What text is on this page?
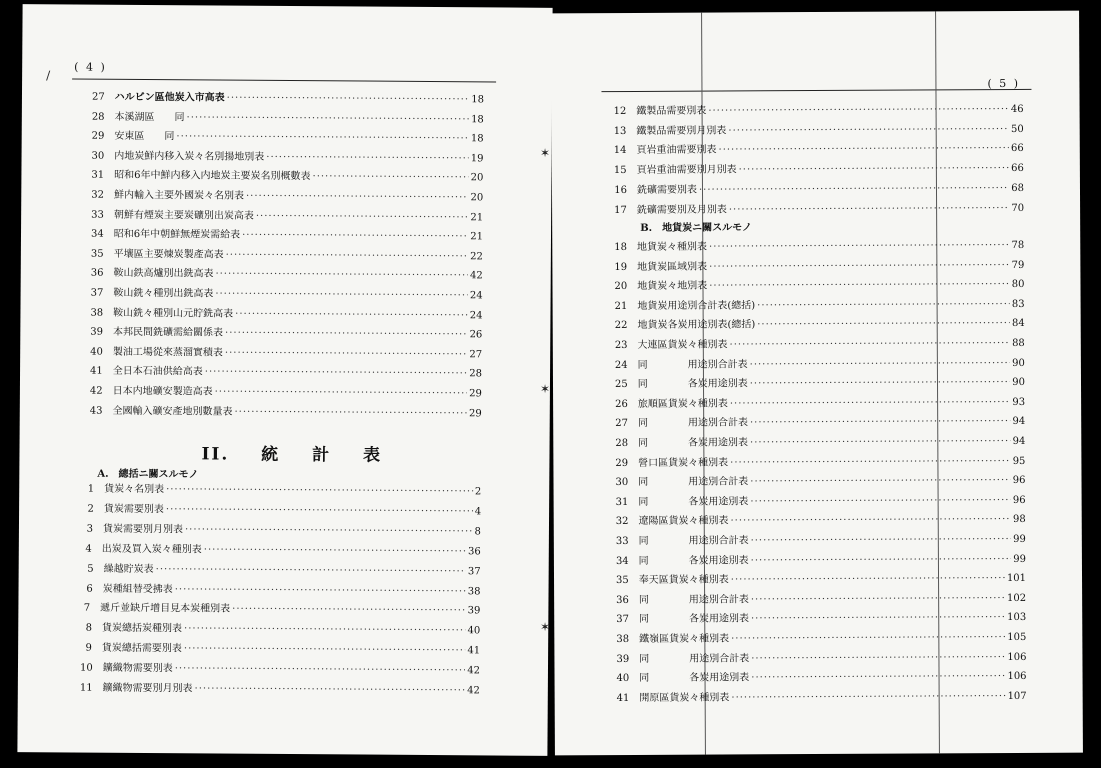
( 4 )
27 ハルビン區他炭入市高表 ·····	18
28 本溪湖區　　同 ·····	18
29 安東區　　同 ·····	18
30 内地炭鮮内移入炭々名別揚地別表 ·····	19
31 昭和6年中鮮内移入内地炭主要炭名別概數表 ·····	20
32 鮮内輸入主要外國炭々名別表 ·····	20
33 朝鮮有煙炭主要炭礦別出炭高表 ·····	21
34 昭和6年中朝鮮無煙炭需給表 ·····	21
35 平壤區主要煉炭製產高表 ·····	22
36 鞍山鉄高爐別出銑高表 ·····	42
37 鞍山銑々種別出銑高表 ·····	24
38 鞍山銑々種別山元貯銑高表 ·····	24
39 本邦民間銑礦需給關係表 ·····	26
40 製油工場從來蒸溜實積表 ·····	27
41 全日本石油供給高表 ·····	28
42 日本内地礦安製造高表 ·····	29
43 全國輸入礦安產地別數量表 ·····	29
II. 統 計 表
A.　總括ニ關スルモノ
1 貨炭々名別表 ·····	2
2 貨炭需要別表 ·····	4
3 貨炭需要別月別表 ·····	8
4 出炭及買入炭々種別表 ·····	36
5 繰越貯炭表 ·····	37
6 炭種組替受拂表 ·····	38
7 遞斤並缺斤增目見本炭種別表 ·····	39
8 貨炭總括炭種別表 ·····	40
9 貨炭總括需要別表 ·····	41
10 鑛織物需要別表 ·····	42
11 鑛織物需要別月別表 ·····	42
/
( 5 )
12 鐵製品需要別表 ·····	46
13 鐵製品需要別月別表 ·····	50
14 頁岩重油需要別表 ·····	66
15 頁岩重油需要別月別表 ·····	66
16 銑礦需要別表 ·····	68
17 銑礦需要別及月別表 ·····	70
B.　地貨炭ニ關スルモノ
18 地貨炭々種別表 ·····	78
19 地貨炭區域別表 ·····	79
20 地貨炭々地別表 ·····	80
21 地貨炭用途別合計表(總括) ·····	83
22 地貨炭各炭用途別表(總括) ·····	84
23 大連區貨炭々種別表 ·····	88
24 同　　　　用途別合計表 ·····	90
25 同　　　　各炭用途別表 ·····	90
26 旅順區貨炭々種別表 ·····	93
27 同　　　　用途別合計表 ·····	94
28 同　　　　各炭用途別表 ·····	94
29 營口區貨炭々種別表 ·····	95
30 同　　　　用途別合計表 ·····	96
31 同　　　　各炭用途別表 ·····	96
32 遼陽區貨炭々種別表 ·····	98
33 同　　　　用途別合計表 ·····	99
34 同　　　　各炭用途別表 ·····	99
35 奉天區貨炭々種別表 ·····	101
36 同　　　　用途別合計表 ·····	102
37 同　　　　各炭用途別表 ·····	103
38 鐵嶺區貨炭々種別表 ·····	105
39 同　　　　用途別合計表 ·····	106
40 同　　　　各炭用途別表 ·····	106
41 開原區貨炭々種別表 ·····	107
✶
✶
✶
